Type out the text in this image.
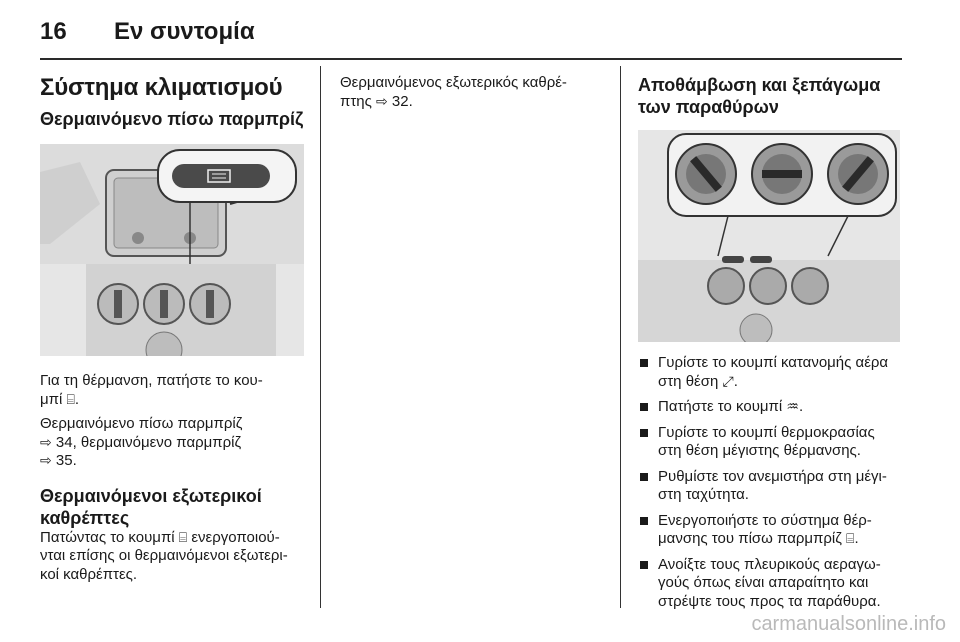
16 Εν συντομία
Σύστημα κλιματισμού
Θερμαινόμενο πίσω παρμπρίζ

Για τη θέρμανση, πατήστε το κου-
μπί ⌸.

Θερμαινόμενο πίσω παρμπρίζ
⇨ 34, θερμαινόμενο παρμπρίζ
⇨ 35.

Θερμαινόμενοι εξωτερικοί
καθρέπτες

Πατώντας το κουμπί ⌸ ενεργοποιού-
νται επίσης οι θερμαινόμενοι εξωτερι-
κοί καθρέπτες.

Θερμαινόμενος εξωτερικός καθρέ-
πτης ⇨ 32.

Αποθάμβωση και ξεπάγωμα
των παραθύρων
Γυρίστε το κουμπί κατανομής αέρα
στη θέση ⤢.
Πατήστε το κουμπί ♒.
Γυρίστε το κουμπί θερμοκρασίας
στη θέση μέγιστης θέρμανσης.
Ρυθμίστε τον ανεμιστήρα στη μέγι-
στη ταχύτητα.
Ενεργοποιήστε το σύστημα θέρ-
μανσης του πίσω παρμπρίζ ⌸.
Ανοίξτε τους πλευρικούς αεραγω-
γούς όπως είναι απαραίτητο και
στρέψτε τους προς τα παράθυρα.
carmanualsonline.info
